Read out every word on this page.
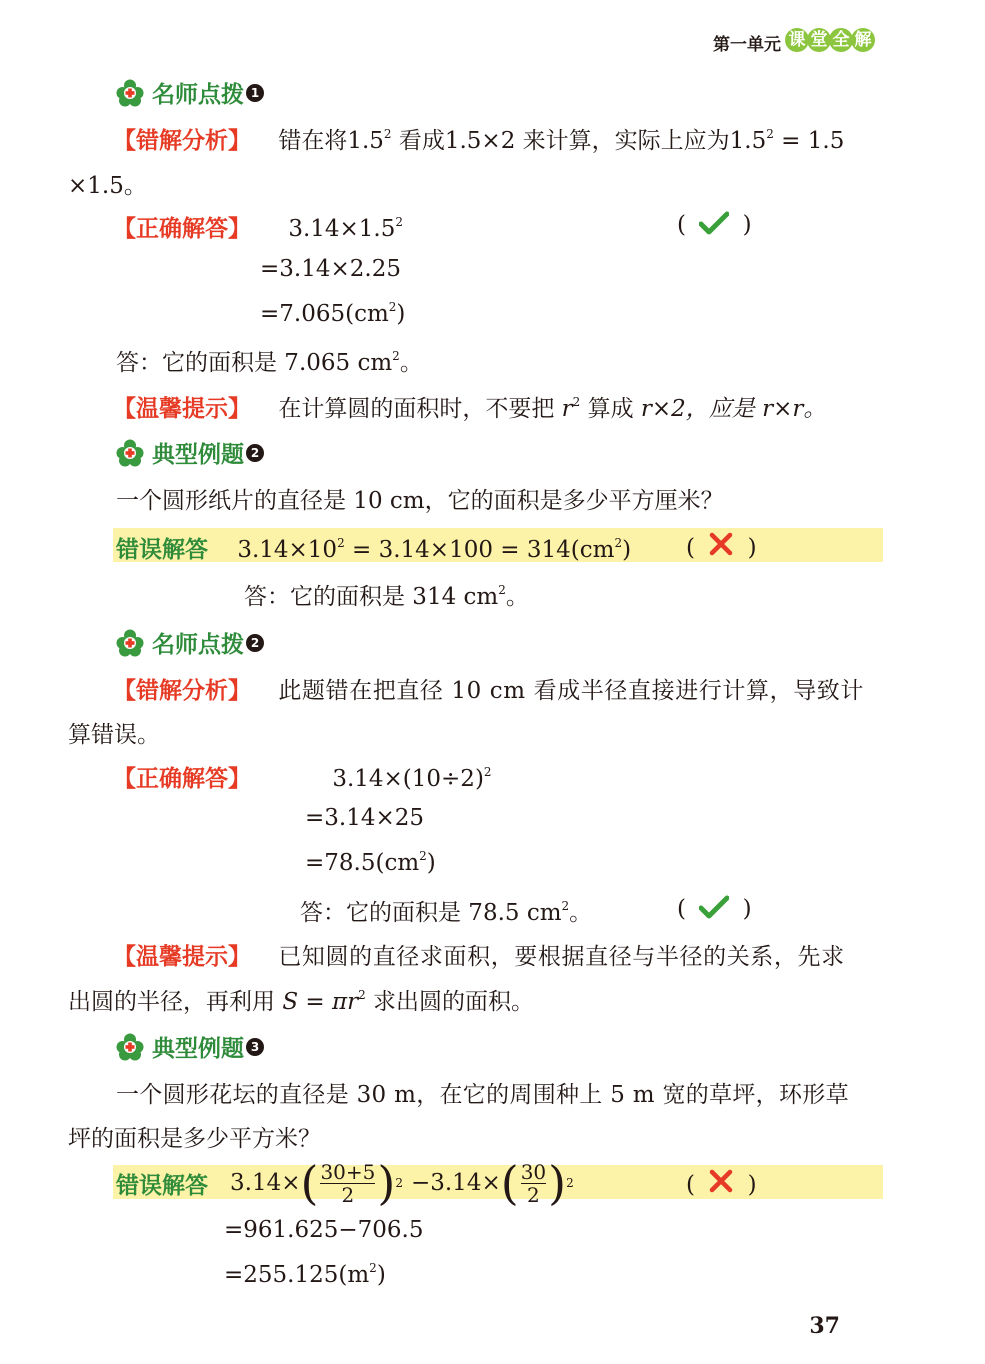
第一单元 课 堂 全 解
名师点拨 1
【错解分析】 错在将$1.5^2$ 看成1.5×2 来计算，实际上应为$1.5^2 = 1.5$
×1.5。
【正确解答】 $3.14\times 1.5^2$	( )
=3.14×2.25
$=7.065(cm^2)$
答：它的面积是 7.065 $cm^2$。
【温馨提示】 在计算圆的面积时，不要把 $r^2$ 算成 r×2，应是 r×r。
典型例题 2
一个圆形纸片的直径是 10 cm，它的面积是多少平方厘米？
错误解答 $3.14\times 10^2 = 3.14\times 100 = 314(cm^2)$ ( )
答：它的面积是 314 $cm^2$。
名师点拨 2
【错解分析】 此题错在把直径 10 cm 看成半径直接进行计算，导致计
算错误。
【正确解答】	$3.14\times(10\div 2)^2$
=3.14×25
$=78.5(cm^2)$
答：它的面积是 78.5 $cm^2$。	( )
【温馨提示】 已知圆的直径求面积，要根据直径与半径的关系，先求
出圆的半径，再利用 $S = \pi r^2$ 求出圆的面积。
典型例题 3
一个圆形花坛的直径是 30 m，在它的周围种上 5 m 宽的草坪，环形草
坪的面积是多少平方米？
错误解答 3.14× ( $\frac{30+5}{2}$ ) 2 −3.14× ( $\frac{30}{2}$ ) 2	( )
=961.625−706.5
$=255.125(m^2)$
37
